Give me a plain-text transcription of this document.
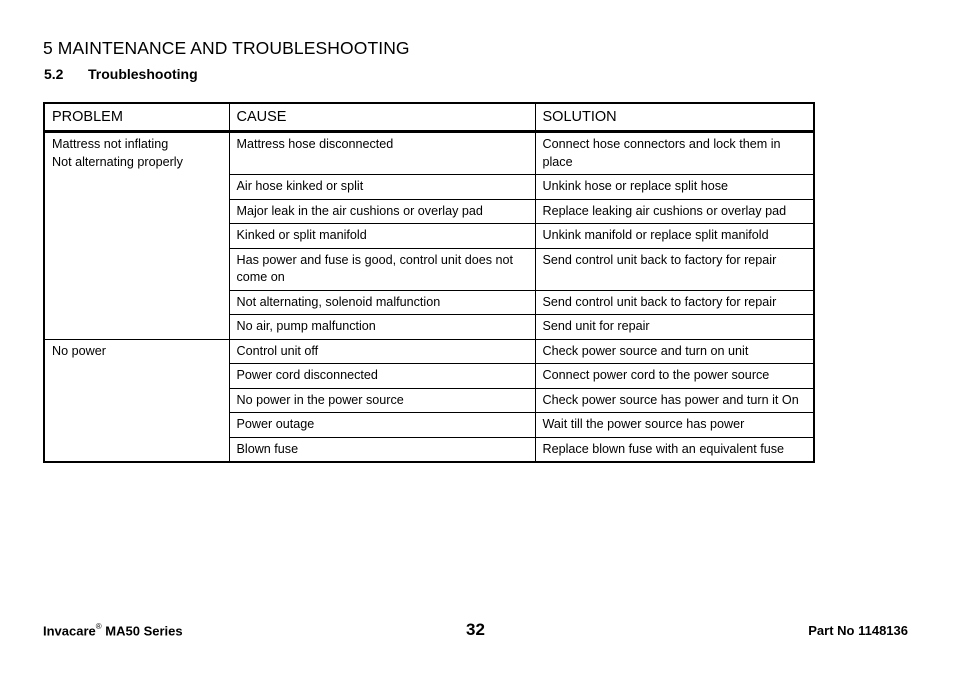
5 MAINTENANCE AND TROUBLESHOOTING
5.2 Troubleshooting
PROBLEM	CAUSE	SOLUTION

Mattress not inflating
Not alternating properly	Mattress hose disconnected	Connect hose connectors and lock them in place
	Air hose kinked or split	Unkink hose or replace split hose
	Major leak in the air cushions or overlay pad	Replace leaking air cushions or overlay pad
	Kinked or split manifold	Unkink manifold or replace split manifold
	Has power and fuse is good, control unit does not come on	Send control unit back to factory for repair
	Not alternating, solenoid malfunction	Send control unit back to factory for repair
	No air, pump malfunction	Send unit for repair

No power	Control unit off	Check power source and turn on unit
	Power cord disconnected	Connect power cord to the power source
	No power in the power source	Check power source has power and turn it On
	Power outage	Wait till the power source has power
	Blown fuse	Replace blown fuse with an equivalent fuse
Invacare® MA50 Series	32	Part No 1148136
